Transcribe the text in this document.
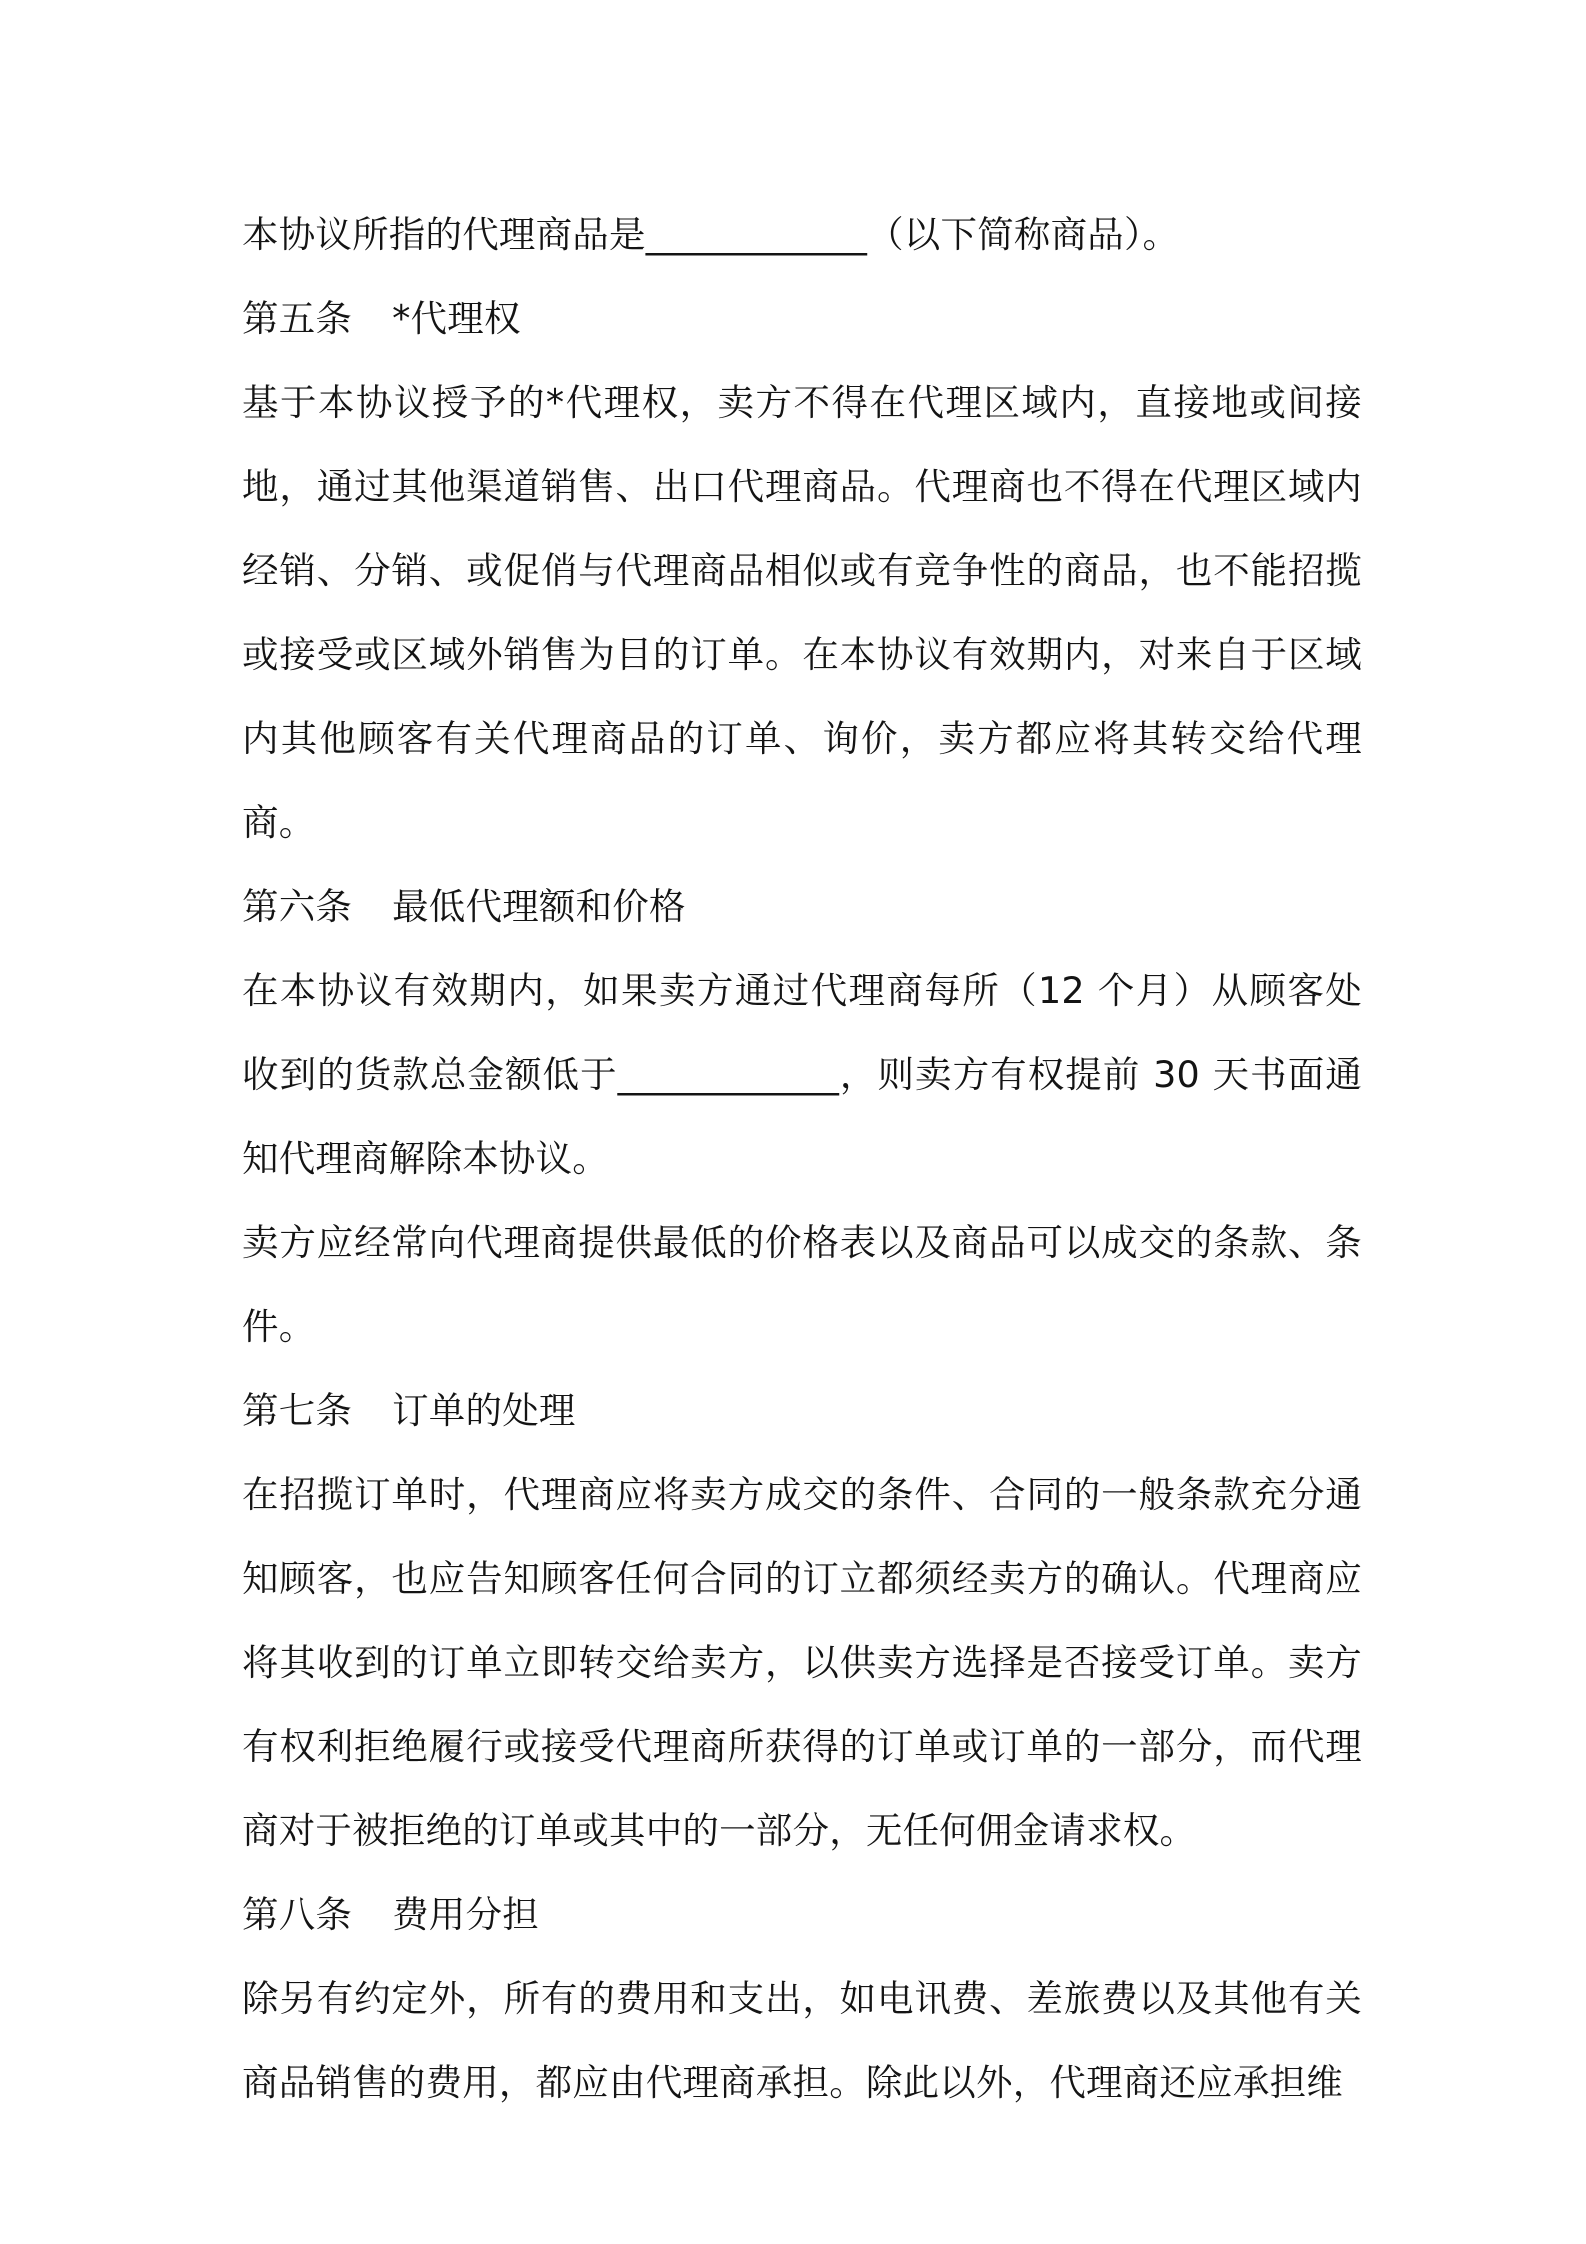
本协议所指的代理商品是____________（以下简称商品）。

第五条 *代理权

基于本协议授予的*代理权，卖方不得在代理区域内，直接地或间接地，通过其他渠道销售、出口代理商品。代理商也不得在代理区域内经销、分销、或促俏与代理商品相似或有竞争性的商品，也不能招揽或接受或区域外销售为目的订单。在本协议有效期内，对来自于区域内其他顾客有关代理商品的订单、询价，卖方都应将其转交给代理商。

第六条 最低代理额和价格

在本协议有效期内，如果卖方通过代理商每所（12 个月）从顾客处收到的货款总金额低于____________，则卖方有权提前 30 天书面通知代理商解除本协议。

卖方应经常向代理商提供最低的价格表以及商品可以成交的条款、条件。

第七条 订单的处理

在招揽订单时，代理商应将卖方成交的条件、合同的一般条款充分通知顾客，也应告知顾客任何合同的订立都须经卖方的确认。代理商应将其收到的订单立即转交给卖方，以供卖方选择是否接受订单。卖方有权利拒绝履行或接受代理商所获得的订单或订单的一部分，而代理商对于被拒绝的订单或其中的一部分，无任何佣金请求权。

第八条 费用分担

除另有约定外，所有的费用和支出，如电讯费、差旅费以及其他有关商品销售的费用，都应由代理商承担。除此以外，代理商还应承担维
